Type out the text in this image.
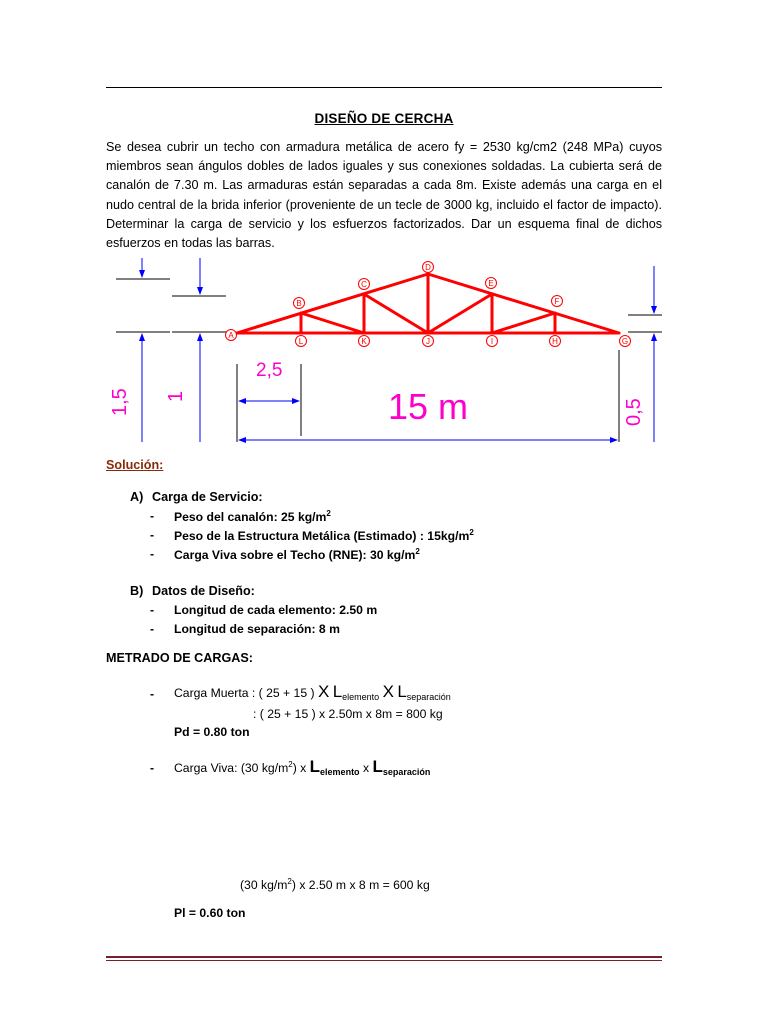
DISEÑO DE CERCHA

Se desea cubrir un techo con armadura metálica de acero fy = 2530 kg/cm2 (248 MPa) cuyos miembros sean ángulos dobles de lados iguales y sus conexiones soldadas. La cubierta será de canalón de 7.30 m. Las armaduras están separadas a cada 8m. Existe además una carga en el nudo central de la brida inferior (proveniente de un tecle de 3000 kg, incluido el factor de impacto). Determinar la carga de servicio y los esfuerzos factorizados. Dar un esquema final de dichos esfuerzos en todas las barras.

1,5 1
A
B
C
D
E
F
G
L	K	J	I	H
2,5
15 m	0,5
Solución:
A) Carga de Servicio:
- Peso del canalón: 25 $kg/m^2$
- Peso de la Estructura Metálica (Estimado) : $15kg/m^2$
- Carga Viva sobre el Techo (RNE): 30 $kg/m^2$
B) Datos de Diseño:
- Longitud de cada elemento: 2.50 m
- Longitud de separación: 8 m
METRADO DE CARGAS:
- Carga Muerta : ( 25 + 15 ) X $L_{elemento}$ X $L_{separación}$
: ( 25 + 15 ) x 2.50m x 8m = 800 kg
Pd = 0.80 ton
- Carga Viva: (30 $kg/m^2$) x $L_{elemento}$ x $L_{separación}$
(30 $kg/m^2$) x 2.50 m x 8 m = 600 kg
Pl = 0.60 ton
